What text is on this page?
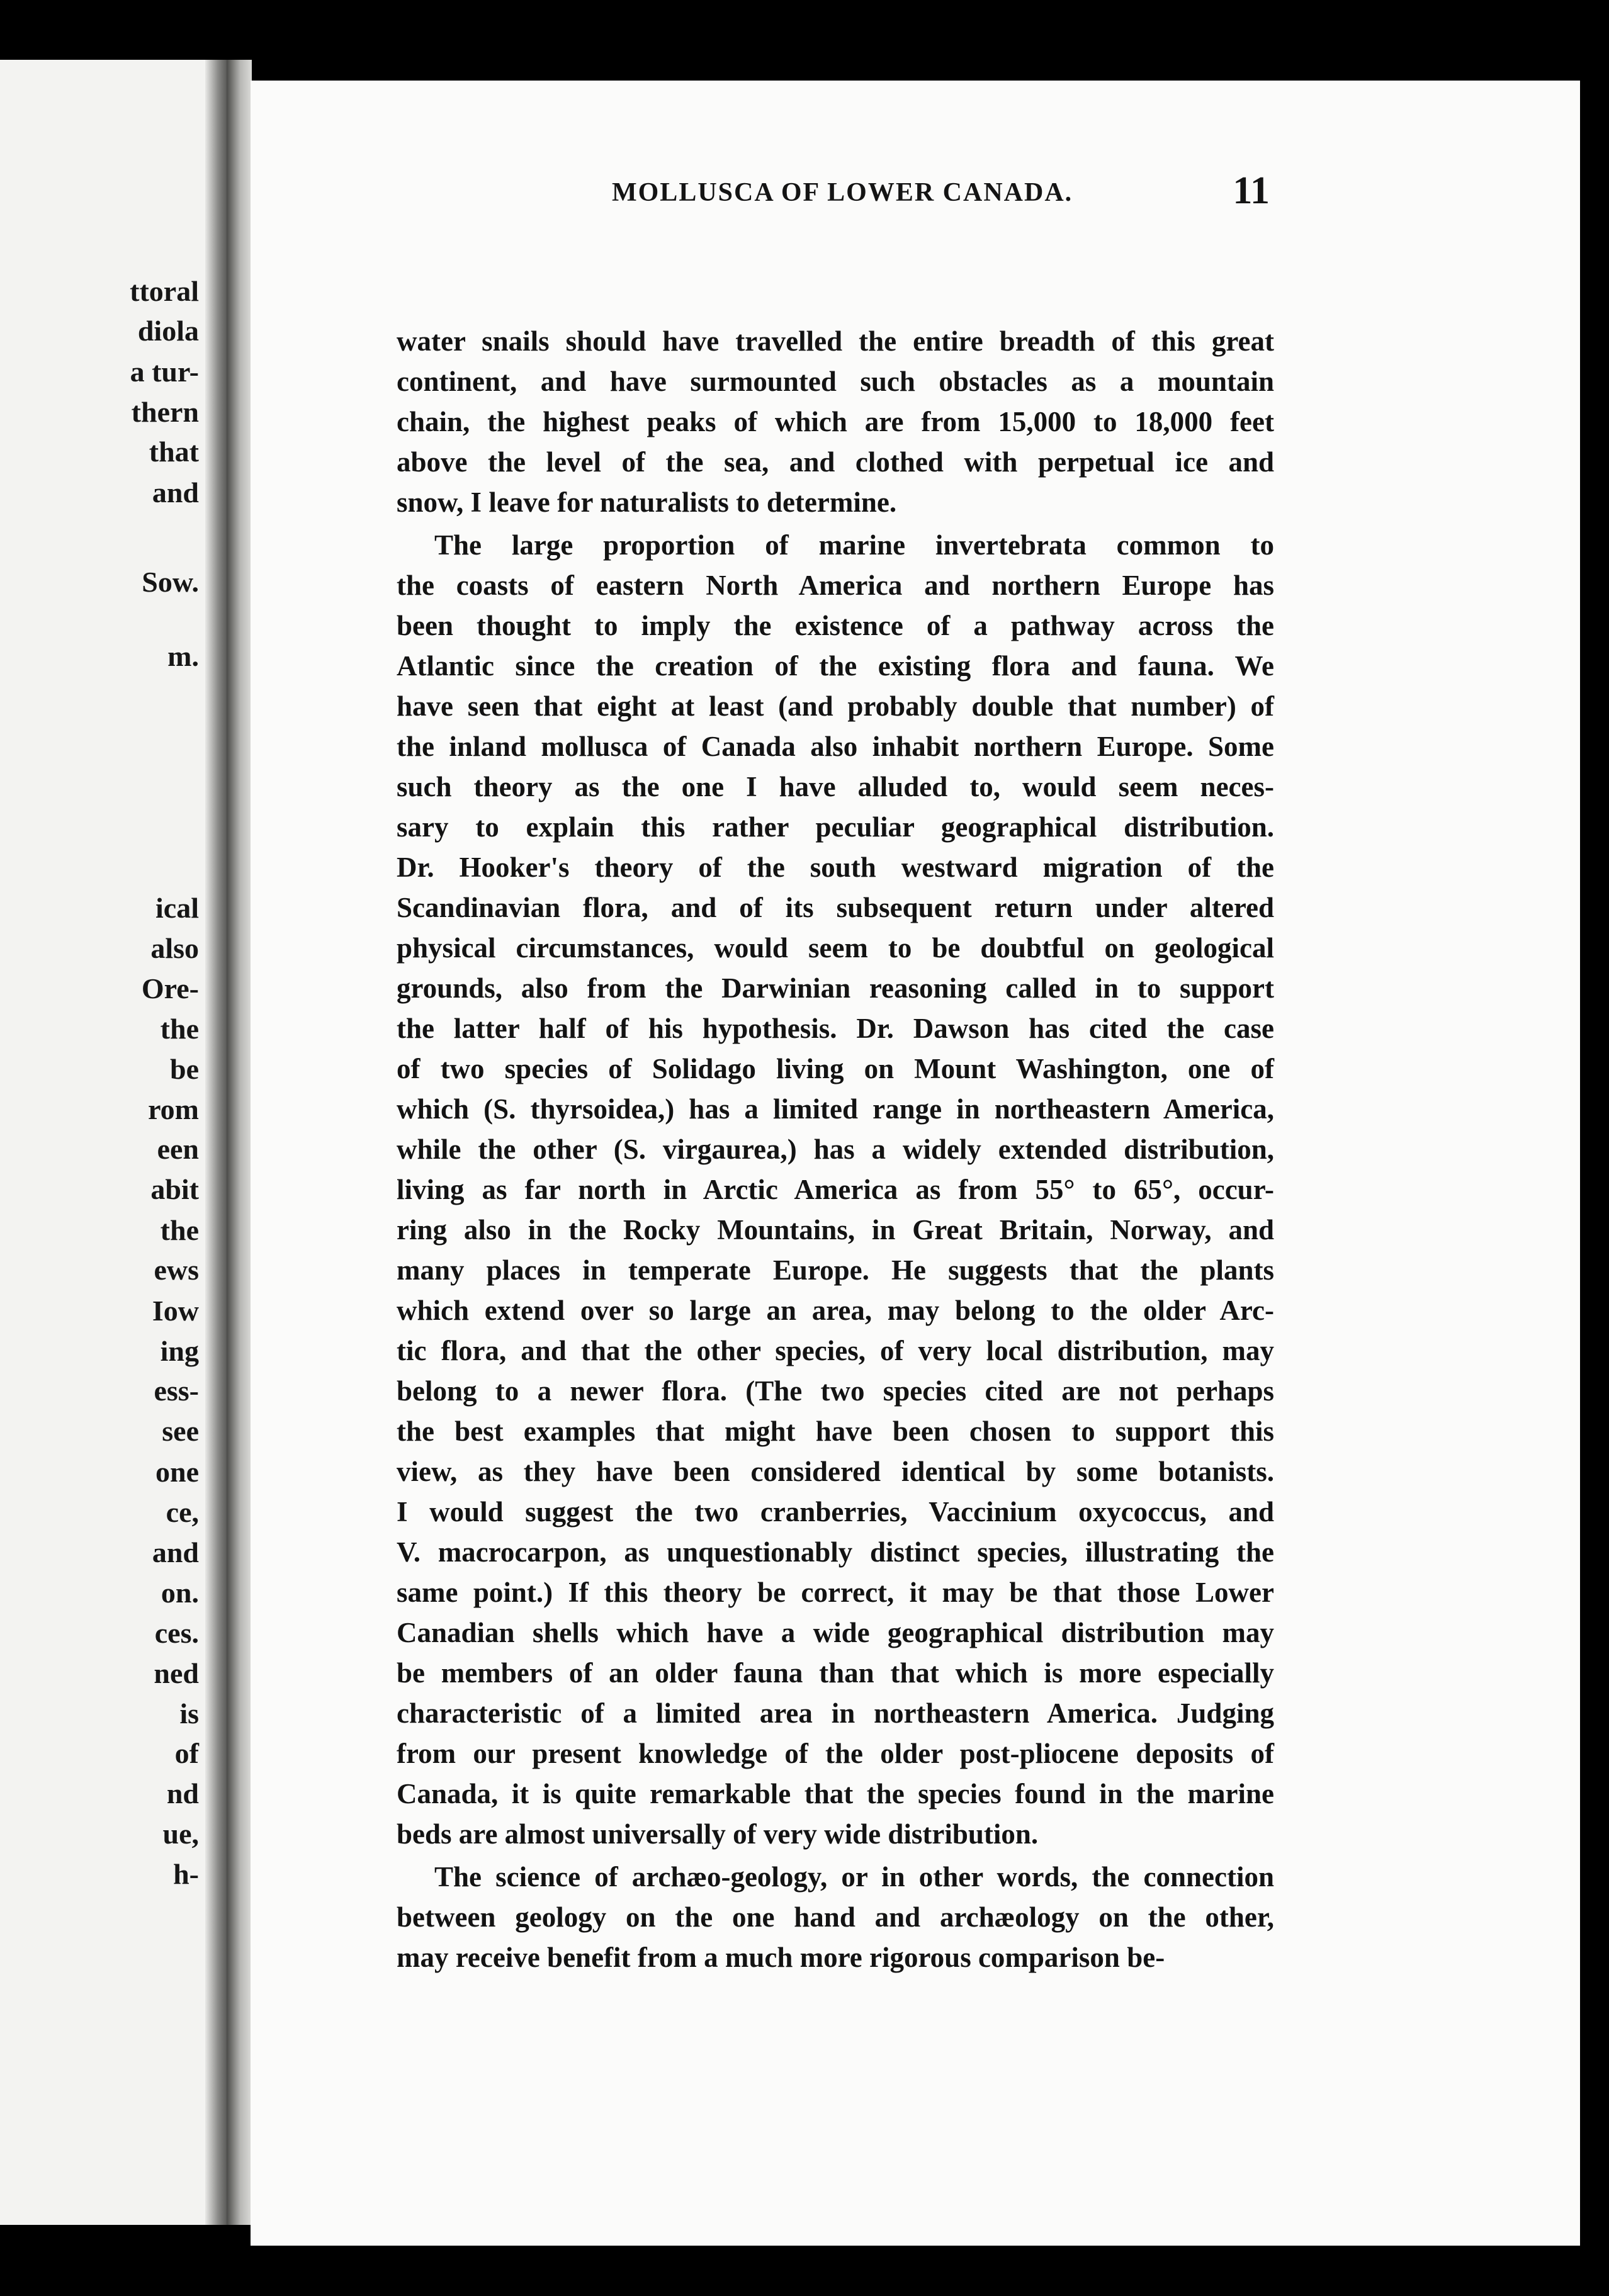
ttoral
diola
a tur-
thern
that
and
Sow.
m.
ical
also
Ore-
the
be
rom
een
abit
the
ews
Iow
ing
ess-
see
one
ce,
and
on.
ces.
ned
is
of
nd
ue,
h-
MOLLUSCA OF LOWER CANADA.	11
water snails should have travelled the entire breadth of this great
continent, and have surmounted such obstacles as a mountain
chain, the highest peaks of which are from 15,000 to 18,000 feet
above the level of the sea, and clothed with perpetual ice and
snow, I leave for naturalists to determine.
The large proportion of marine invertebrata common to
the coasts of eastern North America and northern Europe has
been thought to imply the existence of a pathway across the
Atlantic since the creation of the existing flora and fauna. We
have seen that eight at least (and probably double that number) of
the inland mollusca of Canada also inhabit northern Europe. Some
such theory as the one I have alluded to, would seem neces-
sary to explain this rather peculiar geographical distribution.
Dr. Hooker's theory of the south westward migration of the
Scandinavian flora, and of its subsequent return under altered
physical circumstances, would seem to be doubtful on geological
grounds, also from the Darwinian reasoning called in to support
the latter half of his hypothesis. Dr. Dawson has cited the case
of two species of Solidago living on Mount Washington, one of
which (S. thyrsoidea,) has a limited range in northeastern America,
while the other (S. virgaurea,) has a widely extended distribution,
living as far north in Arctic America as from 55° to 65°, occur-
ring also in the Rocky Mountains, in Great Britain, Norway, and
many places in temperate Europe. He suggests that the plants
which extend over so large an area, may belong to the older Arc-
tic flora, and that the other species, of very local distribution, may
belong to a newer flora. (The two species cited are not perhaps
the best examples that might have been chosen to support this
view, as they have been considered identical by some botanists.
I would suggest the two cranberries, Vaccinium oxycoccus, and
V. macrocarpon, as unquestionably distinct species, illustrating the
same point.) If this theory be correct, it may be that those Lower
Canadian shells which have a wide geographical distribution may
be members of an older fauna than that which is more especially
characteristic of a limited area in northeastern America. Judging
from our present knowledge of the older post-pliocene deposits of
Canada, it is quite remarkable that the species found in the marine
beds are almost universally of very wide distribution.
The science of archæo-geology, or in other words, the connection
between geology on the one hand and archæology on the other,
may receive benefit from a much more rigorous comparison be-
